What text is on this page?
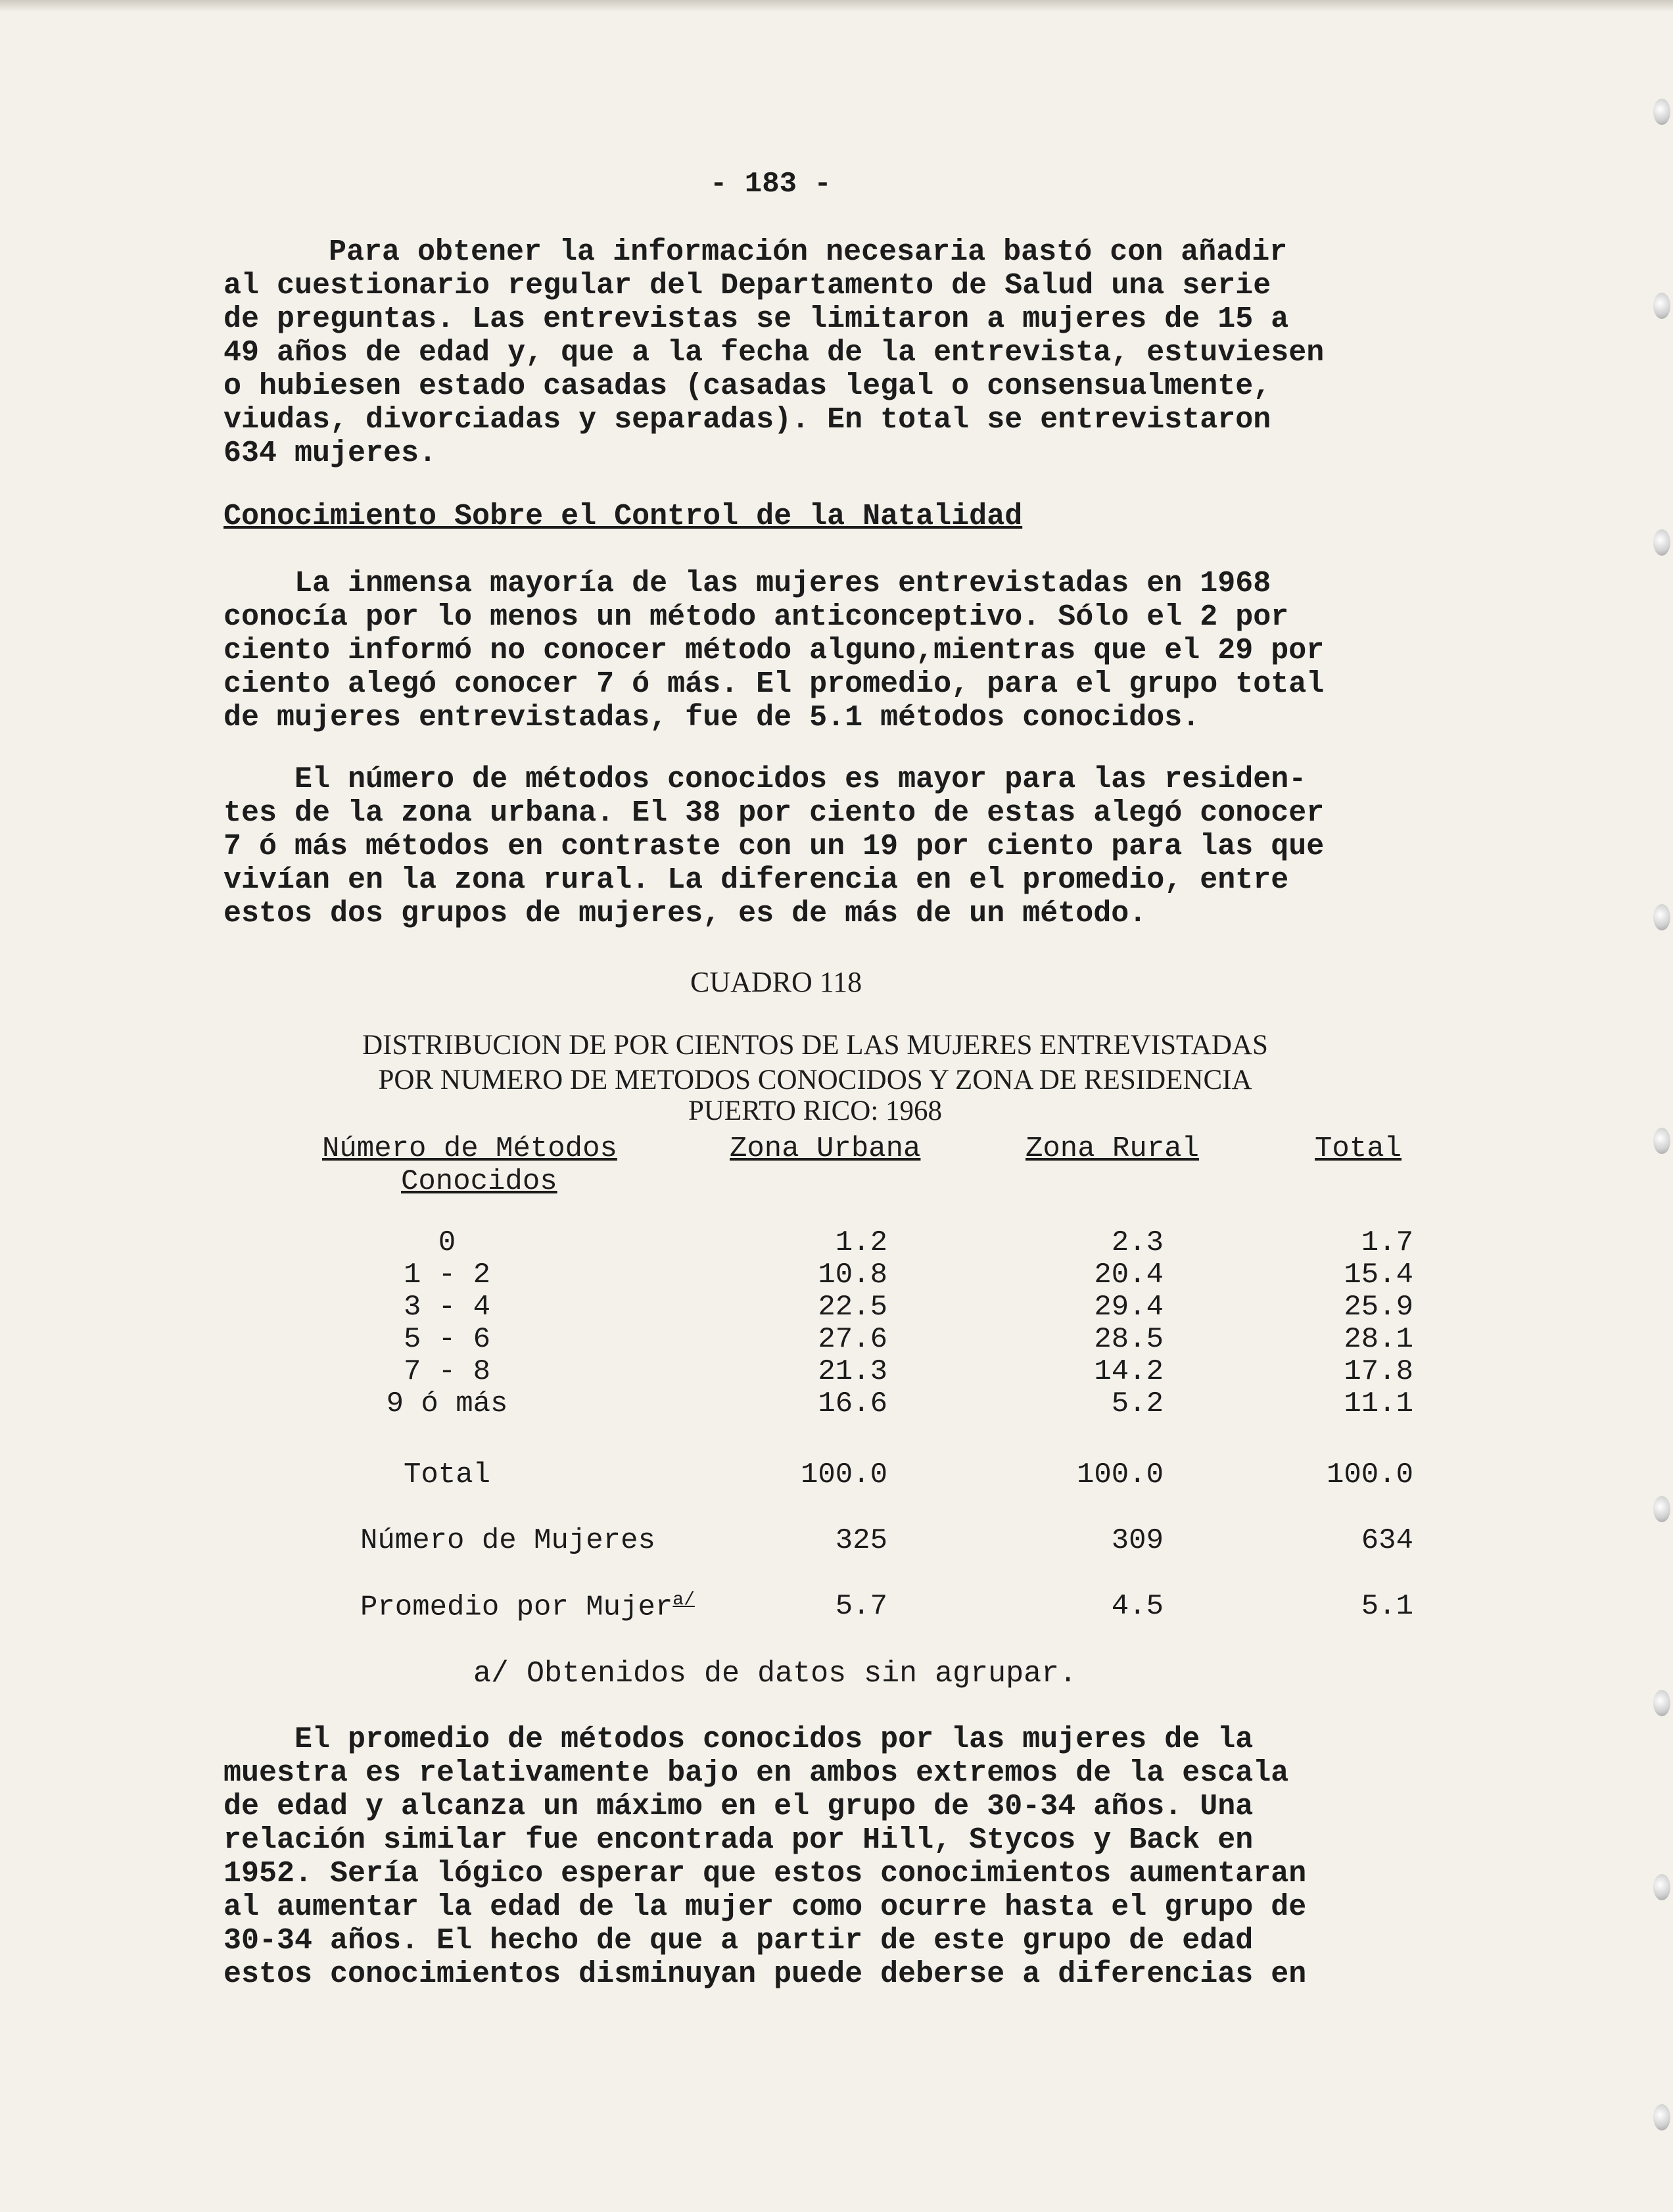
- 183 -
Para obtener la información necesaria bastó con añadir
al cuestionario regular del Departamento de Salud una serie
de preguntas. Las entrevistas se limitaron a mujeres de 15 a
49 años de edad y, que a la fecha de la entrevista, estuviesen
o hubiesen estado casadas (casadas legal o consensualmente,
viudas, divorciadas y separadas). En total se entrevistaron
634 mujeres.
Conocimiento Sobre el Control de la Natalidad
La inmensa mayoría de las mujeres entrevistadas en 1968
conocía por lo menos un método anticonceptivo. Sólo el 2 por
ciento informó no conocer método alguno,mientras que el 29 por
ciento alegó conocer 7 ó más. El promedio, para el grupo total
de mujeres entrevistadas, fue de 5.1 métodos conocidos.
El número de métodos conocidos es mayor para las residen-
tes de la zona urbana. El 38 por ciento de estas alegó conocer
7 ó más métodos en contraste con un 19 por ciento para las que
vivían en la zona rural. La diferencia en el promedio, entre
estos dos grupos de mujeres, es de más de un método.
CUADRO 118
DISTRIBUCION DE POR CIENTOS DE LAS MUJERES ENTREVISTADAS
POR NUMERO DE METODOS CONOCIDOS Y ZONA DE RESIDENCIA
PUERTO RICO: 1968
Número de Métodos
Conocidos
Zona Urbana	Zona Rural	Total
0	1.2	2.3	1.7
1 - 2	10.8	20.4	15.4
3 - 4	22.5	29.4	25.9
5 - 6	27.6	28.5	28.1
7 - 8	21.3	14.2	17.8
9 ó más	16.6	5.2	11.1
Total	100.0	100.0	100.0
Número de Mujeres	325	309	634
Promedio por Mujer$^{a/}$	5.7	4.5	5.1
a/ Obtenidos de datos sin agrupar.
El promedio de métodos conocidos por las mujeres de la
muestra es relativamente bajo en ambos extremos de la escala
de edad y alcanza un máximo en el grupo de 30-34 años. Una
relación similar fue encontrada por Hill, Stycos y Back en
1952. Sería lógico esperar que estos conocimientos aumentaran
al aumentar la edad de la mujer como ocurre hasta el grupo de
30-34 años. El hecho de que a partir de este grupo de edad
estos conocimientos disminuyan puede deberse a diferencias en
